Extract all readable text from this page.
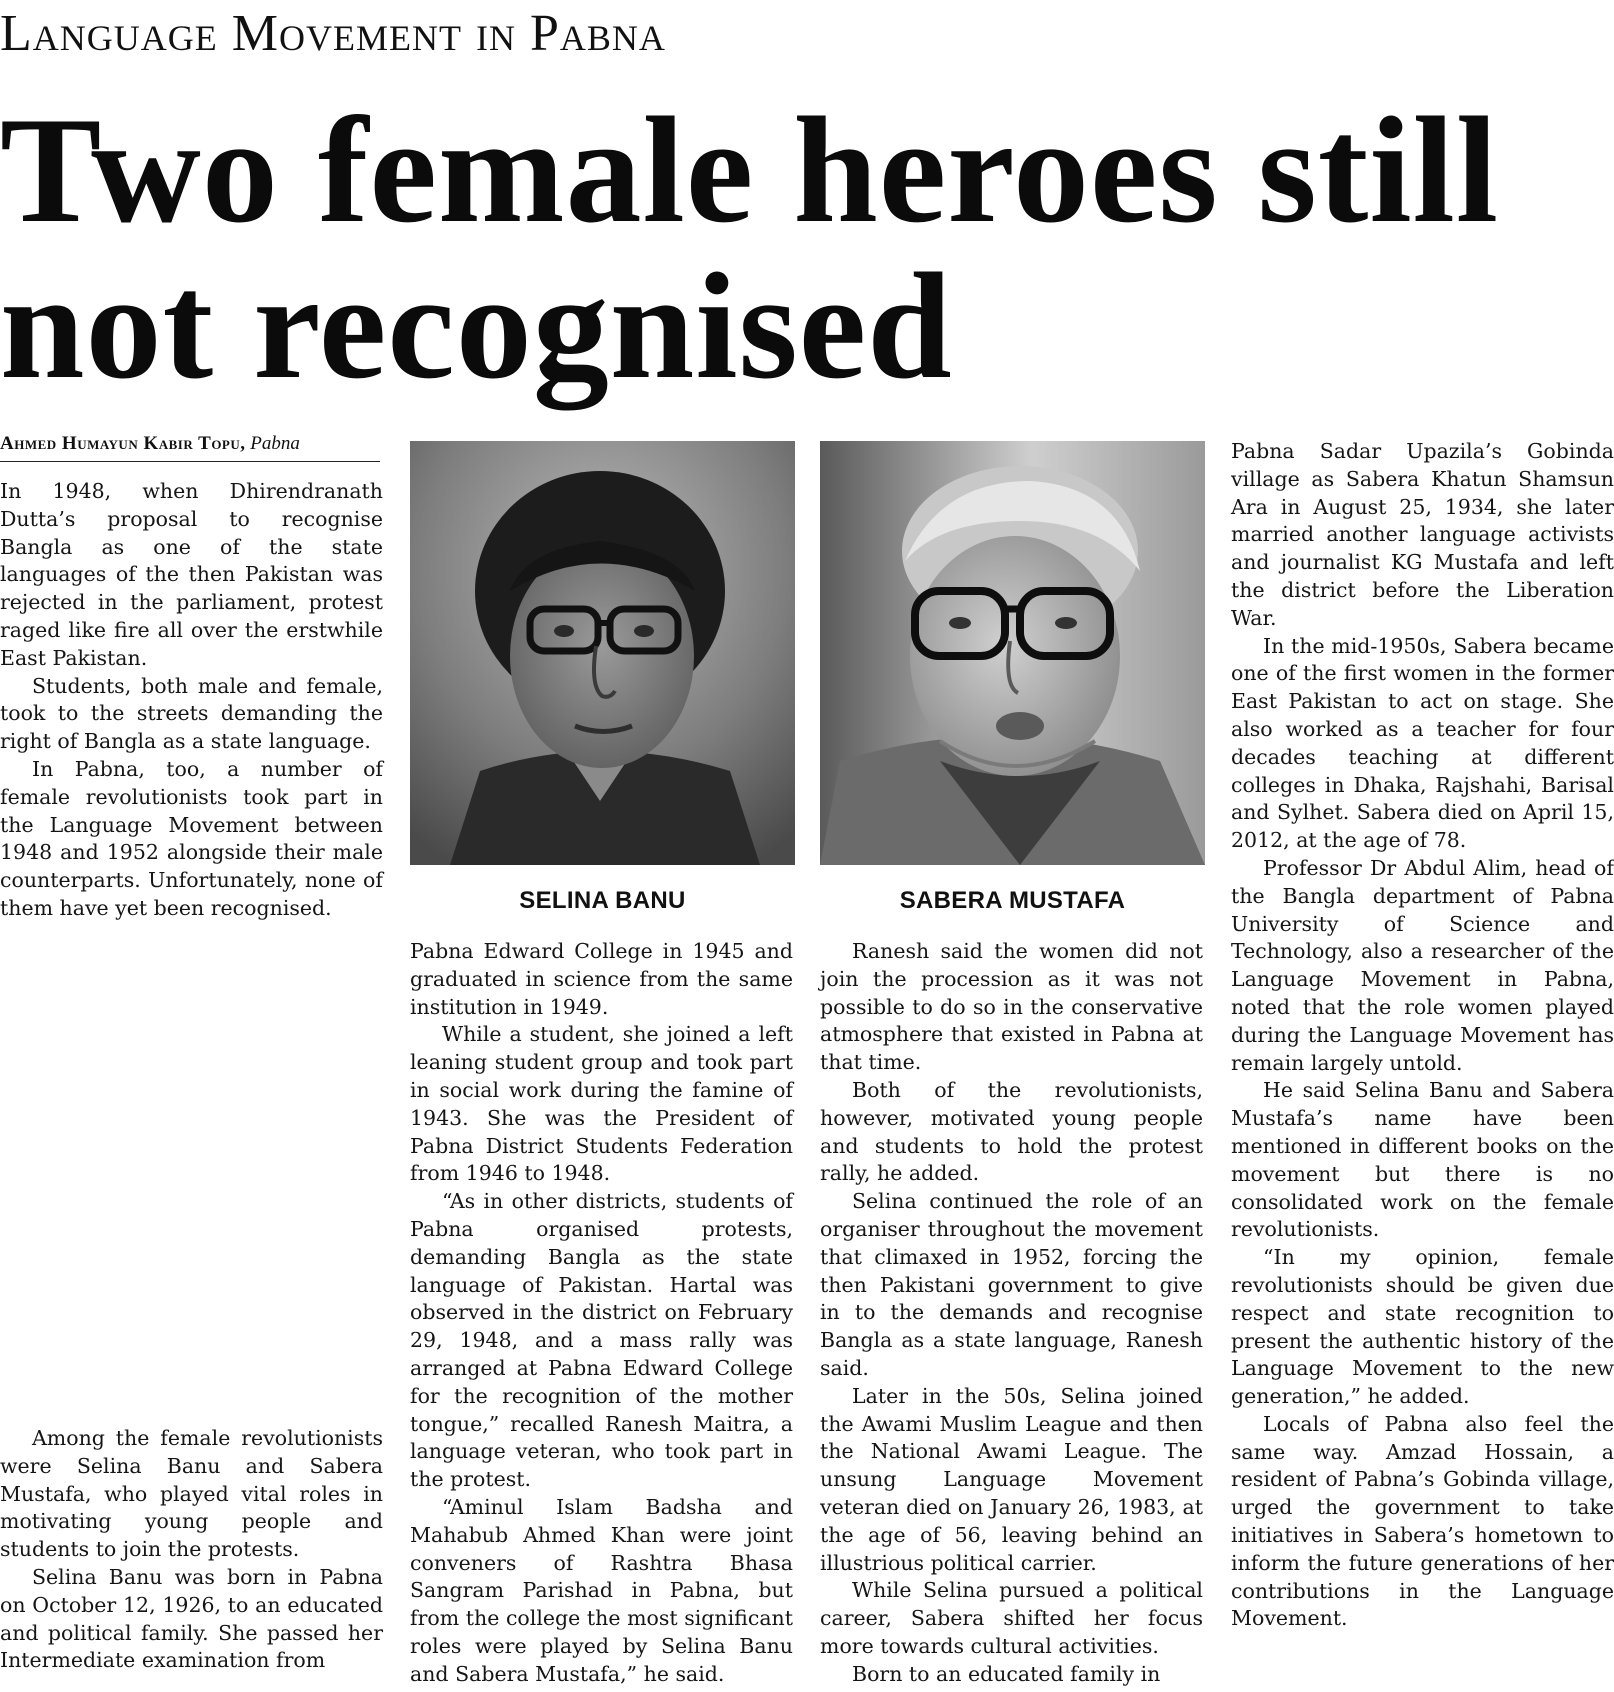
Language Movement in Pabna
Two female heroes still
not recognised
Ahmed Humayun Kabir Topu, Pabna

In 1948, when Dhirendranath Dutta’s proposal to recognise Bangla as one of the state languages of the then Pakistan was rejected in the parliament, protest raged like fire all over the erstwhile East Pakistan.

Students, both male and female, took to the streets demanding the right of Bangla as a state language.

In Pabna, too, a number of female revolutionists took part in the Language Movement between 1948 and 1952 alongside their male counterparts. Unfortunately, none of them have yet been recognised.

Among the female revolutionists were Selina Banu and Sabera Mustafa, who played vital roles in motivating young people and students to join the protests.

Selina Banu was born in Pabna on October 12, 1926, to an educated and political family. She passed her Intermediate examination from

SELINA BANU	SABERA MUSTAFA

Pabna Edward College in 1945 and graduated in science from the same institution in 1949.

While a student, she joined a left leaning student group and took part in social work during the famine of 1943. She was the President of Pabna District Students Federation from 1946 to 1948.

“As in other districts, students of Pabna organised protests, demanding Bangla as the state language of Pakistan. Hartal was observed in the district on February 29, 1948, and a mass rally was arranged at Pabna Edward College for the recognition of the mother tongue,” recalled Ranesh Maitra, a language veteran, who took part in the protest.

“Aminul Islam Badsha and Mahabub Ahmed Khan were joint conveners of Rashtra Bhasa Sangram Parishad in Pabna, but from the college the most significant roles were played by Selina Banu and Sabera Mustafa,” he said.

Ranesh said the women did not join the procession as it was not possible to do so in the conservative atmosphere that existed in Pabna at that time.

Both of the revolutionists, however, motivated young people and students to hold the protest rally, he added.

Selina continued the role of an organiser throughout the movement that climaxed in 1952, forcing the then Pakistani government to give in to the demands and recognise Bangla as a state language, Ranesh said.

Later in the 50s, Selina joined the Awami Muslim League and then the National Awami League. The unsung Language Movement veteran died on January 26, 1983, at the age of 56, leaving behind an illustrious political carrier.

While Selina pursued a political career, Sabera shifted her focus more towards cultural activities.

Born to an educated family in

Pabna Sadar Upazila’s Gobinda village as Sabera Khatun Shamsun Ara in August 25, 1934, she later married another language activists and journalist KG Mustafa and left the district before the Liberation War.

In the mid-1950s, Sabera became one of the first women in the former East Pakistan to act on stage. She also worked as a teacher for four decades teaching at different colleges in Dhaka, Rajshahi, Barisal and Sylhet. Sabera died on April 15, 2012, at the age of 78.

Professor Dr Abdul Alim, head of the Bangla department of Pabna University of Science and Technology, also a researcher of the Language Movement in Pabna, noted that the role women played during the Language Movement has remain largely untold.

He said Selina Banu and Sabera Mustafa’s name have been mentioned in different books on the movement but there is no consolidated work on the female revolutionists.

“In my opinion, female revolutionists should be given due respect and state recognition to present the authentic history of the Language Movement to the new generation,” he added.

Locals of Pabna also feel the same way. Amzad Hossain, a resident of Pabna’s Gobinda village, urged the government to take initiatives in Sabera’s hometown to inform the future generations of her contributions in the Language Movement.
